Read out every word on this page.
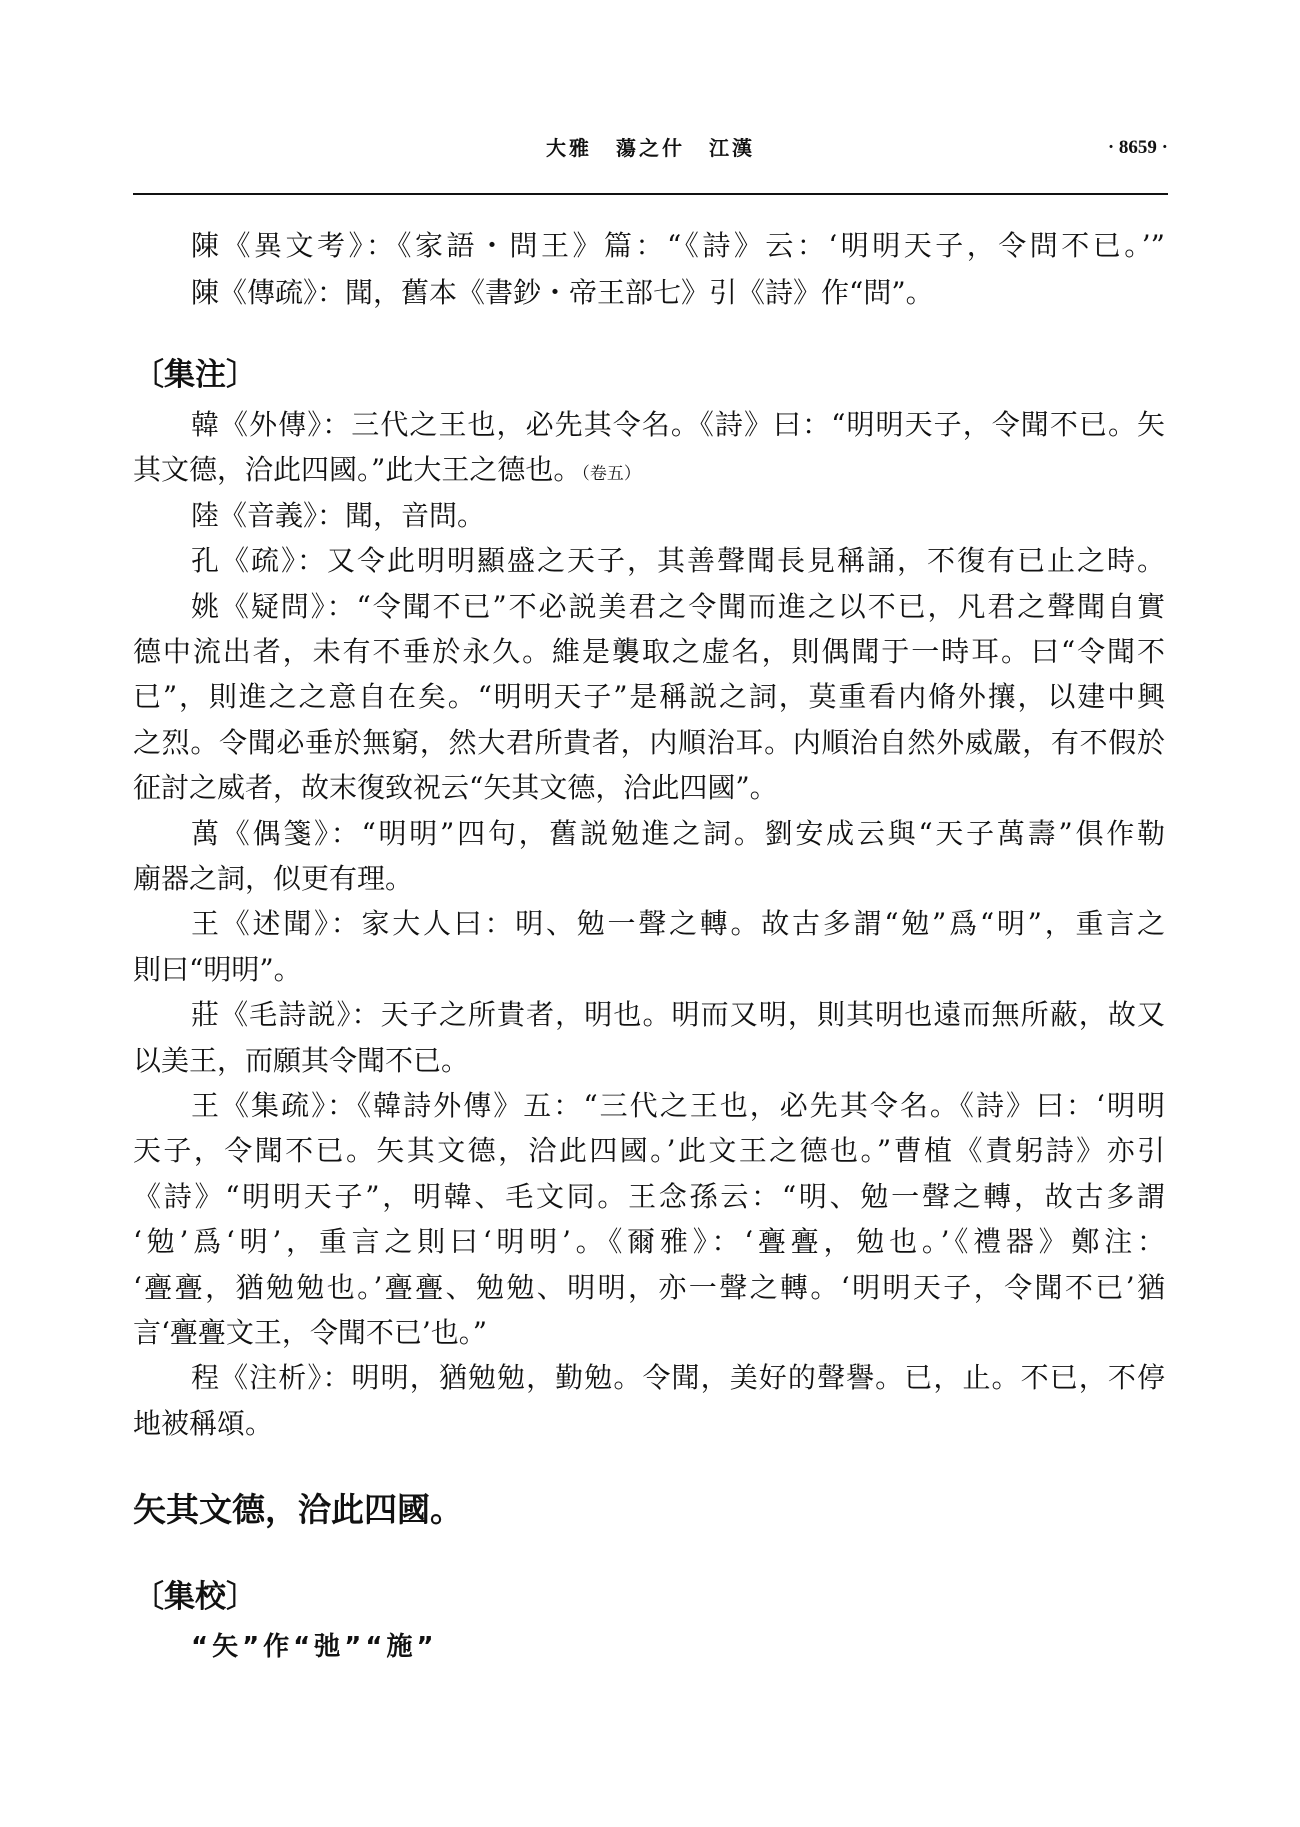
大雅 蕩之什 江漢	· 8659 ·
陳《異文考》：《家語・問王》篇：“《詩》云：‘明明天子，令問不已。’”
陳《傳疏》：聞，舊本《書鈔・帝王部七》引《詩》作“問”。
〔集注〕
韓《外傳》：三代之王也，必先其令名。《詩》曰：“明明天子，令聞不已。矢
其文德，洽此四國。”此大王之德也。（卷五）
陸《音義》：聞，音問。
孔《疏》：又令此明明顯盛之天子，其善聲聞長見稱誦，不復有已止之時。
姚《疑問》：“令聞不已”不必説美君之令聞而進之以不已，凡君之聲聞自實
德中流出者，未有不垂於永久。維是襲取之虚名，則偶聞于一時耳。曰“令聞不
已”，則進之之意自在矣。“明明天子”是稱説之詞，莫重看内脩外攘，以建中興
之烈。令聞必垂於無窮，然大君所貴者，内順治耳。内順治自然外威嚴，有不假於
征討之威者，故末復致祝云“矢其文德，洽此四國”。
萬《偶箋》：“明明”四句，舊説勉進之詞。劉安成云與“天子萬壽”俱作勒
廟器之詞，似更有理。
王《述聞》：家大人曰：明、勉一聲之轉。故古多謂“勉”爲“明”，重言之
則曰“明明”。
莊《毛詩説》：天子之所貴者，明也。明而又明，則其明也遠而無所蔽，故又
以美王，而願其令聞不已。
王《集疏》：《韓詩外傳》五：“三代之王也，必先其令名。《詩》曰：‘明明
天子，令聞不已。矢其文德，洽此四國。’此文王之德也。”曹植《責躬詩》亦引
《詩》“明明天子”，明韓、毛文同。王念孫云：“明、勉一聲之轉，故古多謂
‘勉’爲‘明’，重言之則曰‘明明’。《爾雅》：‘亹亹，勉也。’《禮器》鄭注：
‘亹亹，猶勉勉也。’亹亹、勉勉、明明，亦一聲之轉。‘明明天子，令聞不已’猶
言‘亹亹文王，令聞不已’也。”
程《注析》：明明，猶勉勉，勤勉。令聞，美好的聲譽。已，止。不已，不停
地被稱頌。
矢其文德，洽此四國。
〔集校〕
“矢”作“弛”“施”
